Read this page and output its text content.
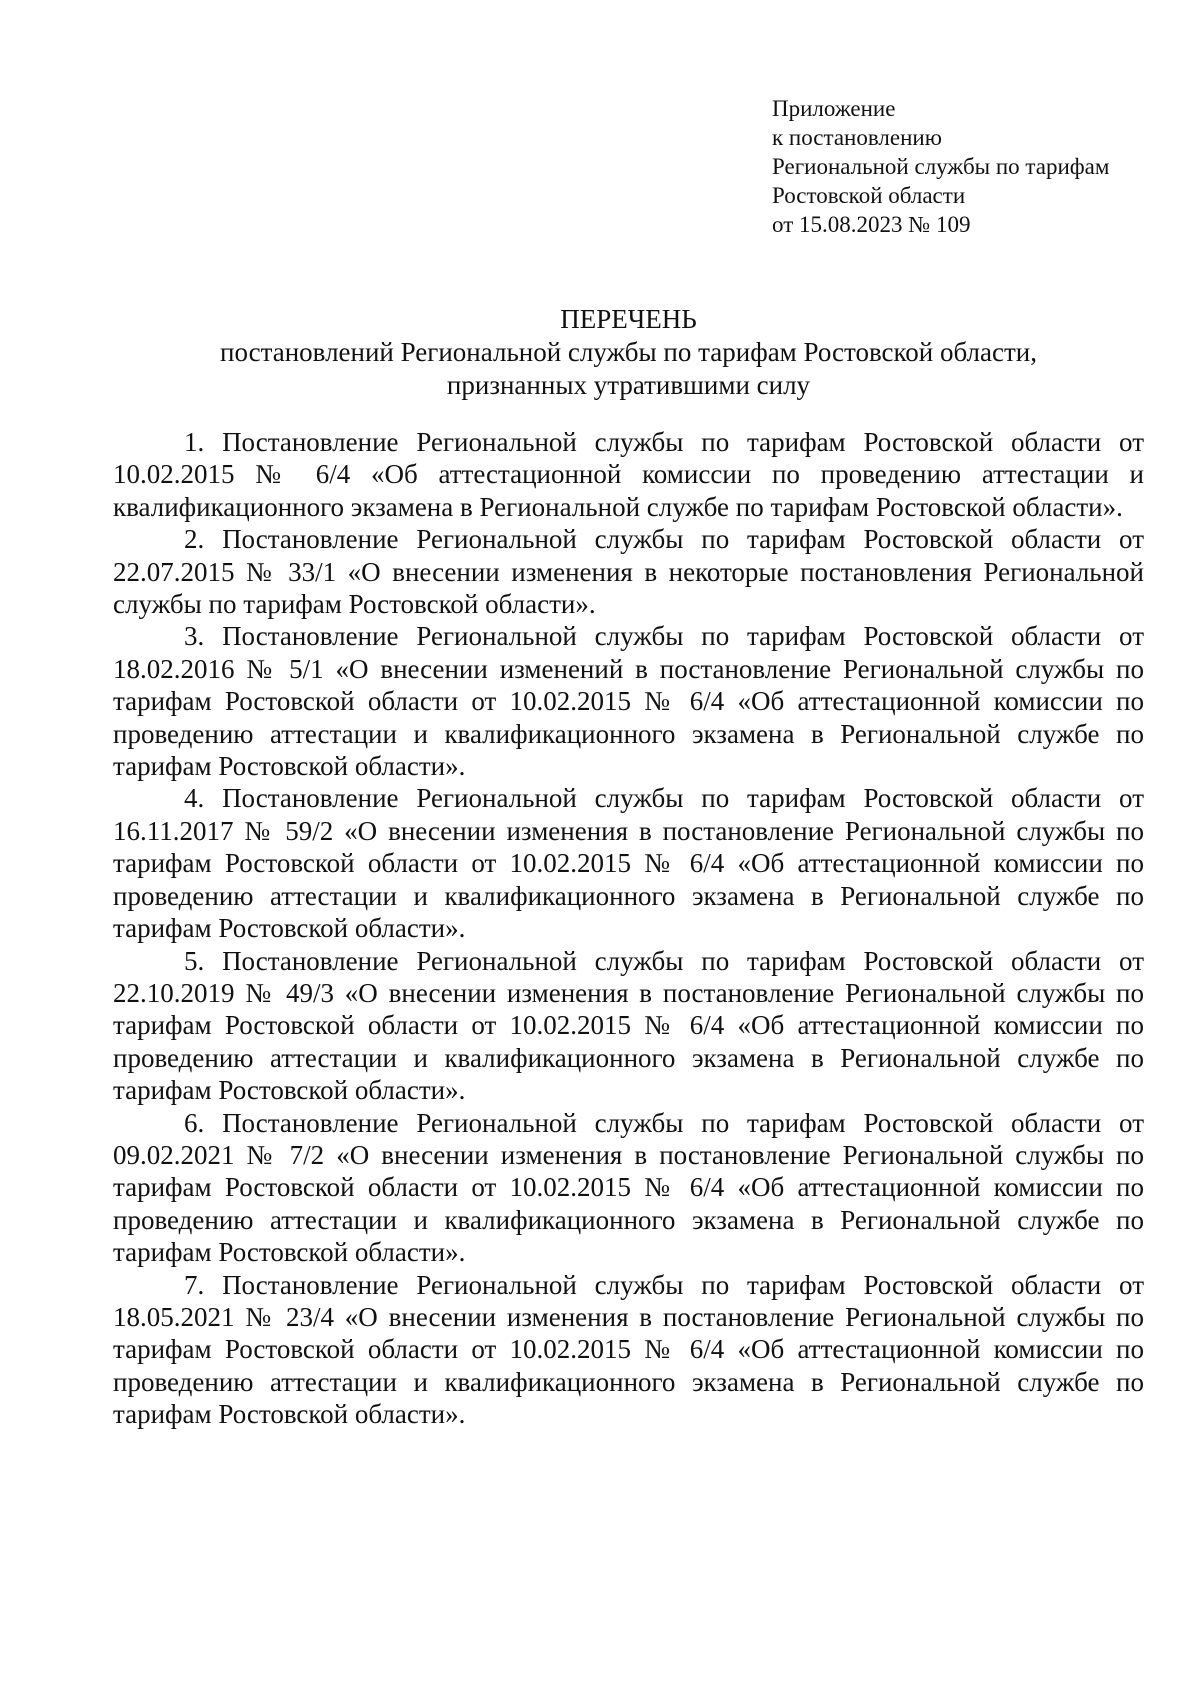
Приложение
к постановлению
Региональной службы по тарифам
Ростовской области
от 15.08.2023 № 109
ПЕРЕЧЕНЬ
постановлений Региональной службы по тарифам Ростовской области,
признанных утратившими силу

1. Постановление Региональной службы по тарифам Ростовской области от 10.02.2015 № 6/4 «Об аттестационной комиссии по проведению аттестации и квалификационного экзамена в Региональной службе по тарифам Ростовской области».

2. Постановление Региональной службы по тарифам Ростовской области от 22.07.2015 № 33/1 «О внесении изменения в некоторые постановления Региональной службы по тарифам Ростовской области».

3. Постановление Региональной службы по тарифам Ростовской области от 18.02.2016 № 5/1 «О внесении изменений в постановление Региональной службы по тарифам Ростовской области от 10.02.2015 № 6/4 «Об аттестационной комиссии по проведению аттестации и квалификационного экзамена в Региональной службе по тарифам Ростовской области».

4. Постановление Региональной службы по тарифам Ростовской области от 16.11.2017 № 59/2 «О внесении изменения в постановление Региональной службы по тарифам Ростовской области от 10.02.2015 № 6/4 «Об аттестационной комиссии по проведению аттестации и квалификационного экзамена в Региональной службе по тарифам Ростовской области».

5. Постановление Региональной службы по тарифам Ростовской области от 22.10.2019 № 49/3 «О внесении изменения в постановление Региональной службы по тарифам Ростовской области от 10.02.2015 № 6/4 «Об аттестационной комиссии по проведению аттестации и квалификационного экзамена в Региональной службе по тарифам Ростовской области».

6. Постановление Региональной службы по тарифам Ростовской области от 09.02.2021 № 7/2 «О внесении изменения в постановление Региональной службы по тарифам Ростовской области от 10.02.2015 № 6/4 «Об аттестационной комиссии по проведению аттестации и квалификационного экзамена в Региональной службе по тарифам Ростовской области».

7. Постановление Региональной службы по тарифам Ростовской области от 18.05.2021 № 23/4 «О внесении изменения в постановление Региональной службы по тарифам Ростовской области от 10.02.2015 № 6/4 «Об аттестационной комиссии по проведению аттестации и квалификационного экзамена в Региональной службе по тарифам Ростовской области».
